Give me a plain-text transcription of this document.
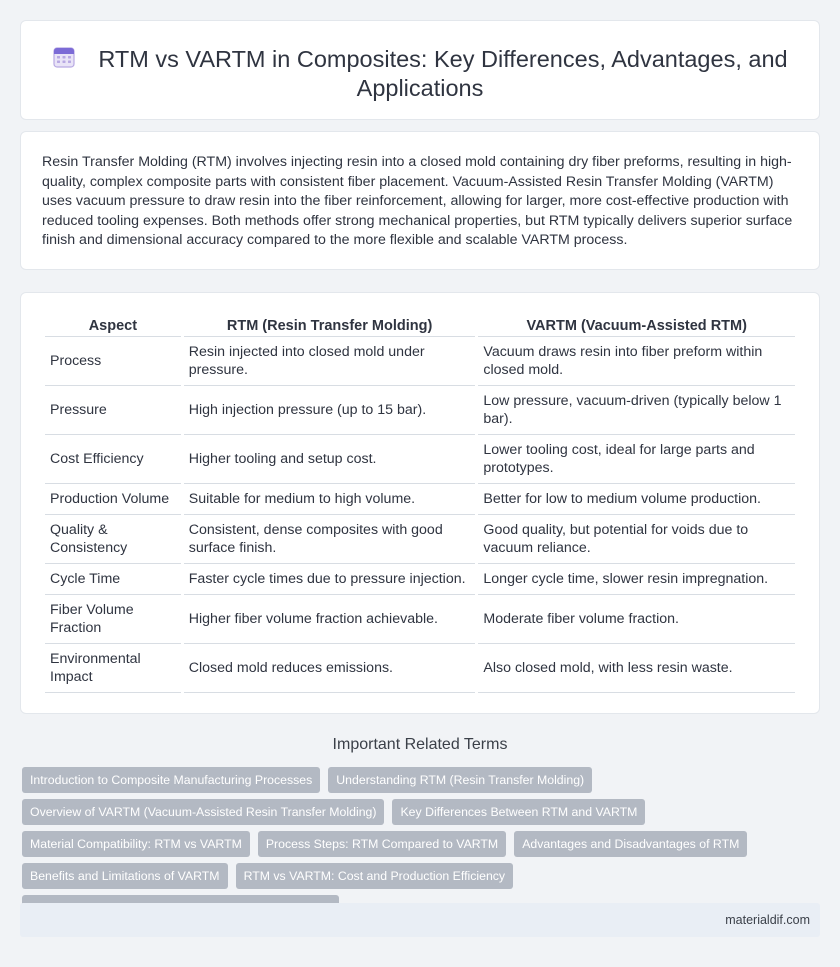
RTM vs VARTM in Composites: Key Differences, Advantages, and Applications

Resin Transfer Molding (RTM) involves injecting resin into a closed mold containing dry fiber preforms, resulting in high-quality, complex composite parts with consistent fiber placement. Vacuum-Assisted Resin Transfer Molding (VARTM) uses vacuum pressure to draw resin into the fiber reinforcement, allowing for larger, more cost-effective production with reduced tooling expenses. Both methods offer strong mechanical properties, but RTM typically delivers superior surface finish and dimensional accuracy compared to the more flexible and scalable VARTM process.

Aspect	RTM (Resin Transfer Molding)	VARTM (Vacuum-Assisted RTM)
Process	Resin injected into closed mold under pressure.	Vacuum draws resin into fiber preform within closed mold.
Pressure	High injection pressure (up to 15 bar).	Low pressure, vacuum-driven (typically below 1 bar).
Cost Efficiency	Higher tooling and setup cost.	Lower tooling cost, ideal for large parts and prototypes.
Production Volume	Suitable for medium to high volume.	Better for low to medium volume production.
Quality & Consistency	Consistent, dense composites with good surface finish.	Good quality, but potential for voids due to vacuum reliance.
Cycle Time	Faster cycle times due to pressure injection.	Longer cycle time, slower resin impregnation.
Fiber Volume Fraction	Higher fiber volume fraction achievable.	Moderate fiber volume fraction.
Environmental Impact	Closed mold reduces emissions.	Also closed mold, with less resin waste.
Important Related Terms
Introduction to Composite Manufacturing Processes	Understanding RTM (Resin Transfer Molding)
Overview of VARTM (Vacuum-Assisted Resin Transfer Molding)	Key Differences Between RTM and VARTM
Material Compatibility: RTM vs VARTM	Process Steps: RTM Compared to VARTM	Advantages and Disadvantages of RTM
Benefits and Limitations of VARTM	RTM vs VARTM: Cost and Production Efficiency
materialdif.com
